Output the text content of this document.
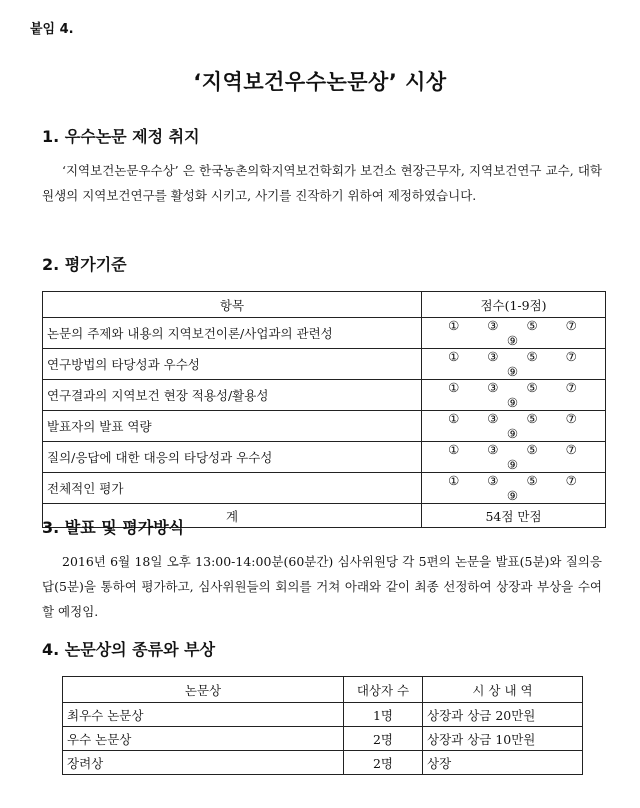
붙임 4.
‘지역보건우수논문상’ 시상
1. 우수논문 제정 취지
‘지역보건논문우수상’ 은 한국농촌의학지역보건학회가 보건소 현장근무자, 지역보건연구 교수, 대학원생의 지역보건연구를 활성화 시키고, 사기를 진작하기 위하여 제정하였습니다.
2. 평가기준
항목	점수(1-9점)
논문의 주제와 내용의 지역보건이론/사업과의 관련성	① ③ ⑤ ⑦ ⑨
연구방법의 타당성과 우수성	① ③ ⑤ ⑦ ⑨
연구결과의 지역보건 현장 적용성/활용성	① ③ ⑤ ⑦ ⑨
발표자의 발표 역량	① ③ ⑤ ⑦ ⑨
질의/응답에 대한 대응의 타당성과 우수성	① ③ ⑤ ⑦ ⑨
전체적인 평가	① ③ ⑤ ⑦ ⑨
계	54점 만점
3. 발표 및 평가방식
2016년 6월 18일 오후 13:00-14:00분(60분간) 심사위원당 각 5편의 논문을 발표(5분)와 질의응답(5분)을 통하여 평가하고, 심사위원들의 회의를 거쳐 아래와 같이 최종 선정하여 상장과 부상을 수여할 예정임.
4. 논문상의 종류와 부상
논문상	대상자 수	시 상 내 역
최우수 논문상	1명	상장과 상금 20만원
우수 논문상	2명	상장과 상금 10만원
장려상	2명	상장
